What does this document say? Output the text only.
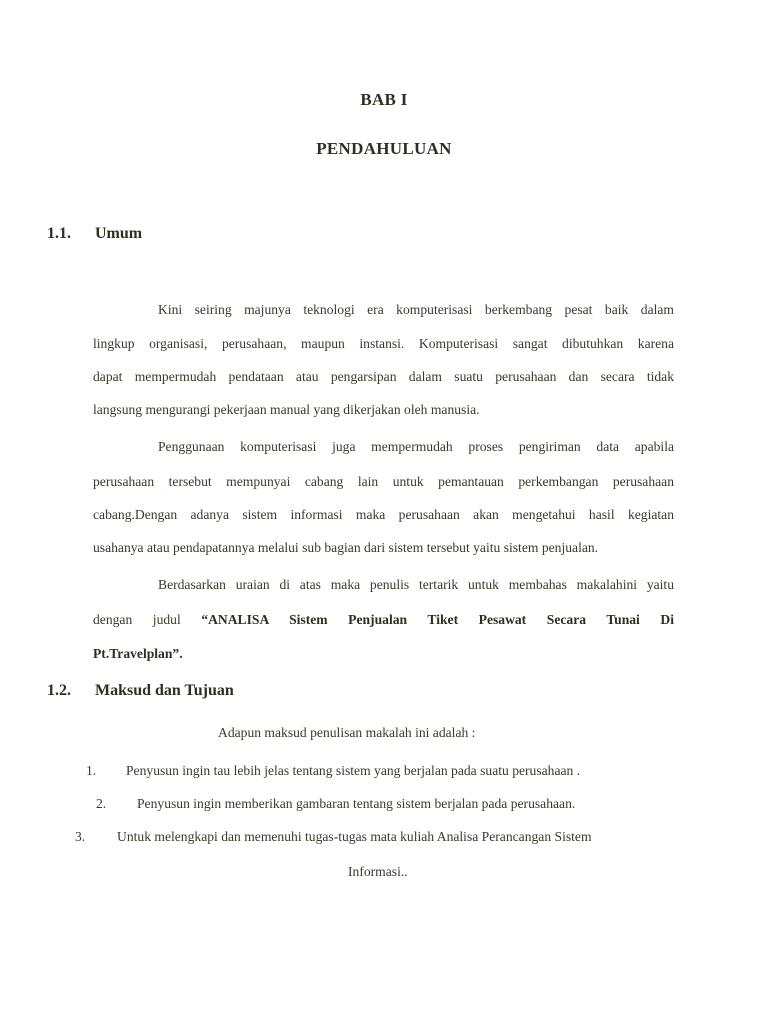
BAB I
PENDAHULUAN
1.1. Umum
Kini seiring majunya teknologi era komputerisasi berkembang pesat baik dalam
lingkup organisasi, perusahaan, maupun instansi. Komputerisasi sangat dibutuhkan karena
dapat mempermudah pendataan atau pengarsipan dalam suatu perusahaan dan secara tidak
langsung mengurangi pekerjaan manual yang dikerjakan oleh manusia.
Penggunaan komputerisasi juga mempermudah proses pengiriman data apabila
perusahaan tersebut mempunyai cabang lain untuk pemantauan perkembangan perusahaan
cabang.Dengan adanya sistem informasi maka perusahaan akan mengetahui hasil kegiatan
usahanya atau pendapatannya melalui sub bagian dari sistem tersebut yaitu sistem penjualan.
Berdasarkan uraian di atas maka penulis tertarik untuk membahas makalahini yaitu
dengan judul “ANALISA Sistem Penjualan Tiket Pesawat Secara Tunai Di
Pt.Travelplan”.
1.2. Maksud dan Tujuan
Adapun maksud penulisan makalah ini adalah :
1. Penyusun ingin tau lebih jelas tentang sistem yang berjalan pada suatu perusahaan .
2. Penyusun ingin memberikan gambaran tentang sistem berjalan pada perusahaan.
3. Untuk melengkapi dan memenuhi tugas-tugas mata kuliah Analisa Perancangan Sistem
Informasi..
